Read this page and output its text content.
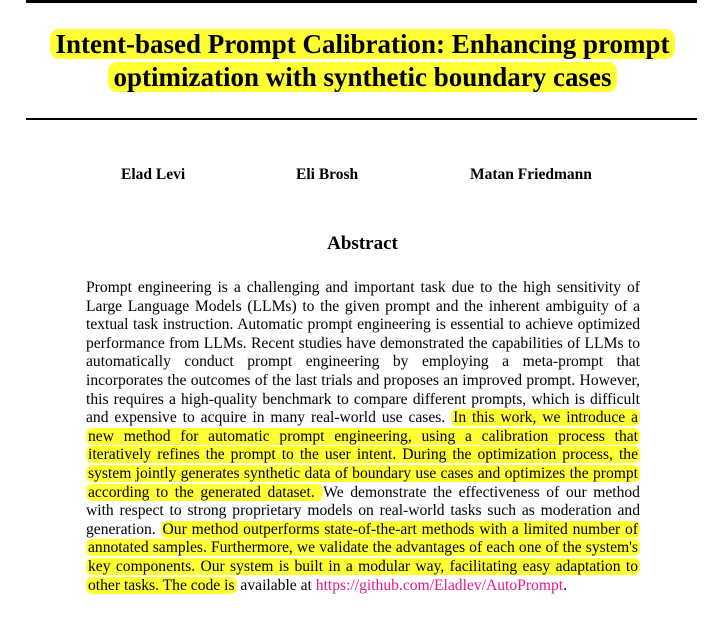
Intent-based Prompt Calibration: Enhancing prompt optimization with synthetic boundary cases
Elad Levi	Eli Brosh	Matan Friedmann
Abstract

Prompt engineering is a challenging and important task due to the high sensitivity of Large Language Models (LLMs) to the given prompt and the inherent ambiguity of a textual task instruction. Automatic prompt engineering is essential to achieve optimized performance from LLMs. Recent studies have demonstrated the capabilities of LLMs to automatically conduct prompt engineering by employing a meta-prompt that incorporates the outcomes of the last trials and proposes an improved prompt. However, this requires a high-quality benchmark to compare different prompts, which is difficult and expensive to acquire in many real-world use cases. In this work, we introduce a new method for automatic prompt engineering, using a calibration process that iteratively refines the prompt to the user intent. During the optimization process, the system jointly generates synthetic data of boundary use cases and optimizes the prompt according to the generated dataset. We demonstrate the effectiveness of our method with respect to strong proprietary models on real-world tasks such as moderation and generation. Our method outperforms state-of-the-art methods with a limited number of annotated samples. Furthermore, we validate the advantages of each one of the system's key components. Our system is built in a modular way, facilitating easy adaptation to other tasks. The code is available at https://github.com/Eladlev/AutoPrompt.
